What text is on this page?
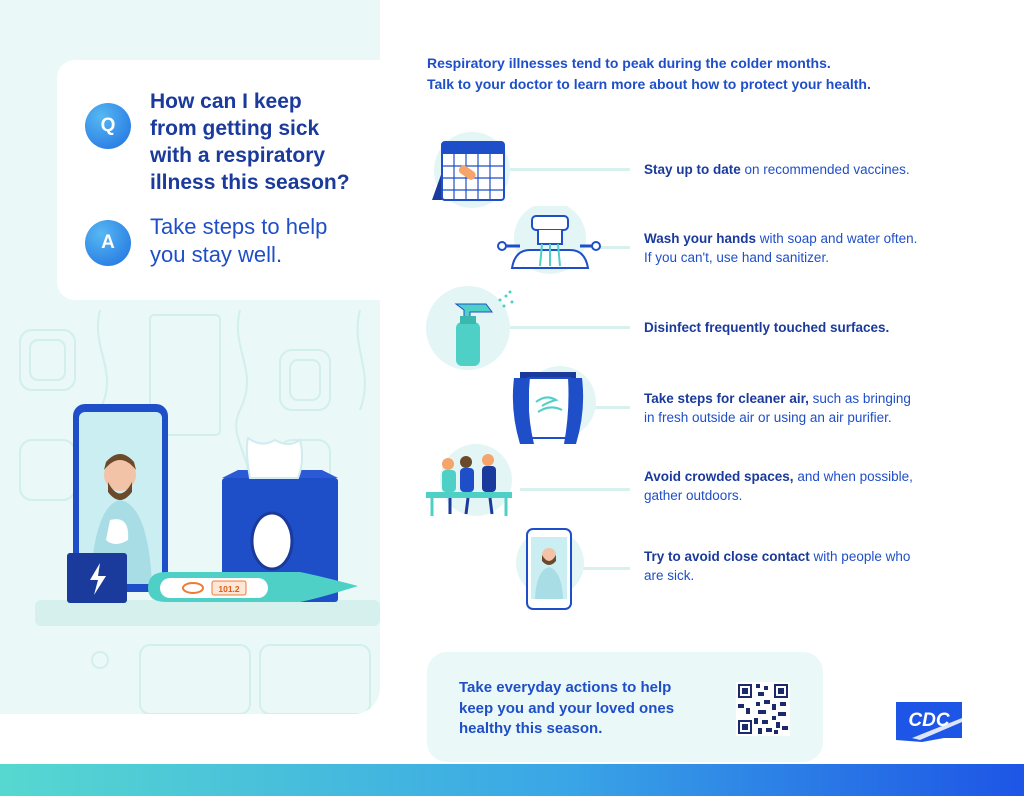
101.2
Q
How can I keep
from getting sick
with a respiratory
illness this season?
A
Take steps to help
you stay well.
Respiratory illnesses tend to peak during the colder months.
Talk to your doctor to learn more about how to protect your health.
Stay up to date on recommended vaccines.
Wash your hands with soap and water often.
If you can't, use hand sanitizer.
Disinfect frequently touched surfaces.
Take steps for cleaner air, such as bringing
in fresh outside air or using an air purifier.
Avoid crowded spaces, and when possible,
gather outdoors.
Try to avoid close contact with people who
are sick.
Take everyday actions to help
keep you and your loved ones
healthy this season.	CDC
